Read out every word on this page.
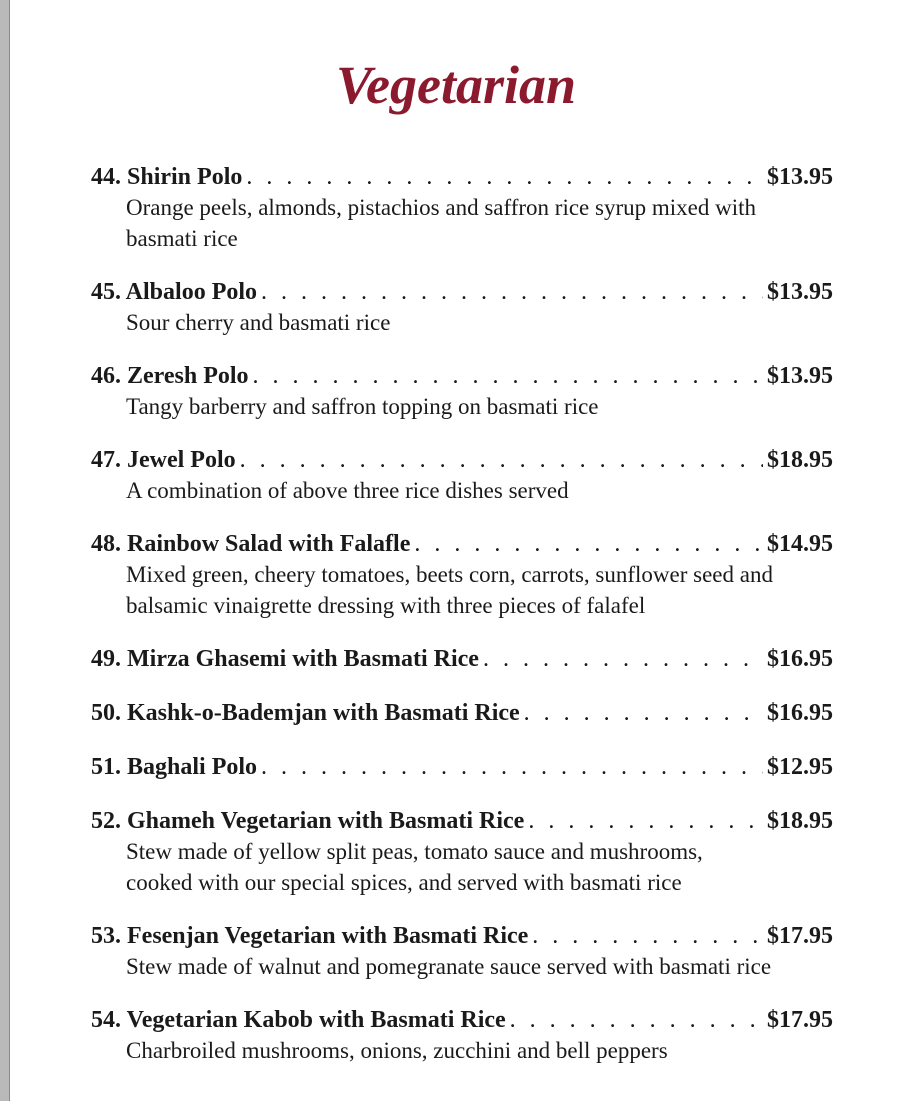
Vegetarian
44. Shirin Polo . . .	$13.95
Orange peels, almonds, pistachios and saffron rice syrup mixed with basmati rice
45. Albaloo Polo . . .	$13.95
Sour cherry and basmati rice
46. Zeresh Polo . . .	$13.95
Tangy barberry and saffron topping on basmati rice
47. Jewel Polo . . .	$18.95
A combination of above three rice dishes served
48. Rainbow Salad with Falafle . . .	$14.95
Mixed green, cheery tomatoes, beets corn, carrots, sunflower seed and balsamic vinaigrette dressing with three pieces of falafel
49. Mirza Ghasemi with Basmati Rice . . .	$16.95
50. Kashk-o-Bademjan with Basmati Rice . . .	$16.95
51. Baghali Polo . . .	$12.95
52. Ghameh Vegetarian with Basmati Rice . . .	$18.95
Stew made of yellow split peas, tomato sauce and mushrooms, cooked with our special spices, and served with basmati rice
53. Fesenjan Vegetarian with Basmati Rice . . .	$17.95
Stew made of walnut and pomegranate sauce served with basmati rice
54. Vegetarian Kabob with Basmati Rice . . .	$17.95
Charbroiled mushrooms, onions, zucchini and bell peppers
